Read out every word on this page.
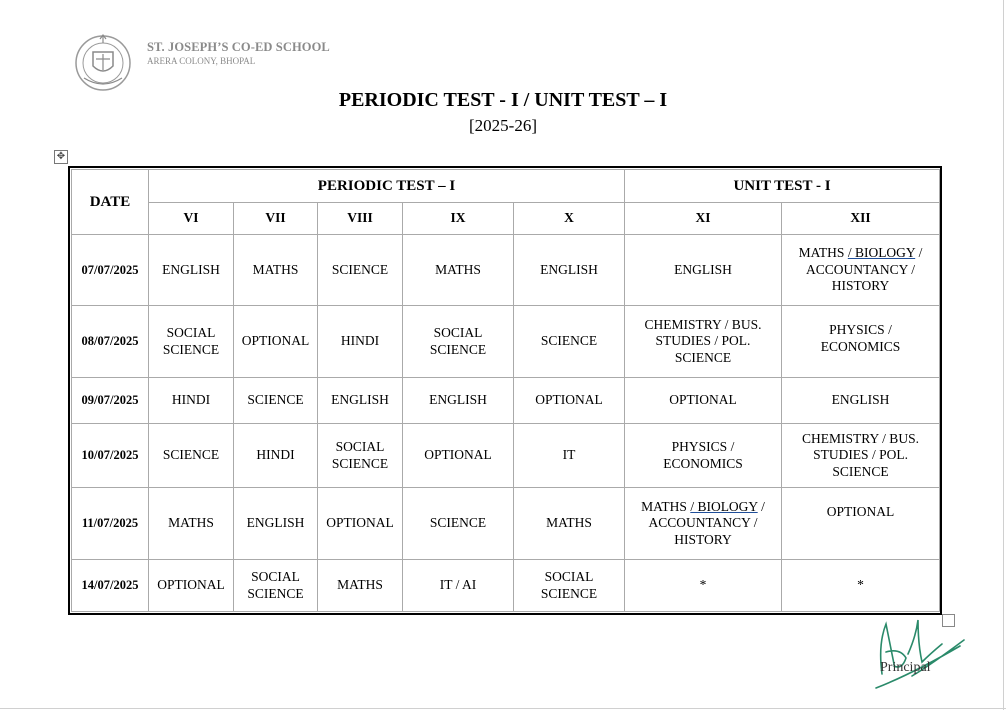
ST. JOSEPH’S CO-ED SCHOOL
ARERA COLONY, BHOPAL
PERIODIC TEST - I / UNIT TEST – I
[2025-26]
✥
DATE	PERIODIC TEST – I					UNIT TEST - I	
	VI	VII	VIII	IX	X	XI	XII
07/07/2025	ENGLISH	MATHS	SCIENCE	MATHS	ENGLISH	ENGLISH	MATHS / BIOLOGY / ACCOUNTANCY / HISTORY
08/07/2025	SOCIAL SCIENCE	OPTIONAL	HINDI	SOCIAL SCIENCE	SCIENCE	CHEMISTRY / BUS. STUDIES / POL. SCIENCE	PHYSICS / ECONOMICS
09/07/2025	HINDI	SCIENCE	ENGLISH	ENGLISH	OPTIONAL	OPTIONAL	ENGLISH
10/07/2025	SCIENCE	HINDI	SOCIAL SCIENCE	OPTIONAL	IT	PHYSICS / ECONOMICS	CHEMISTRY / BUS. STUDIES / POL. SCIENCE
11/07/2025	MATHS	ENGLISH	OPTIONAL	SCIENCE	MATHS	MATHS / BIOLOGY / ACCOUNTANCY / HISTORY	OPTIONAL
14/07/2025	OPTIONAL	SOCIAL SCIENCE	MATHS	IT / AI	SOCIAL SCIENCE	*	*
Principal
